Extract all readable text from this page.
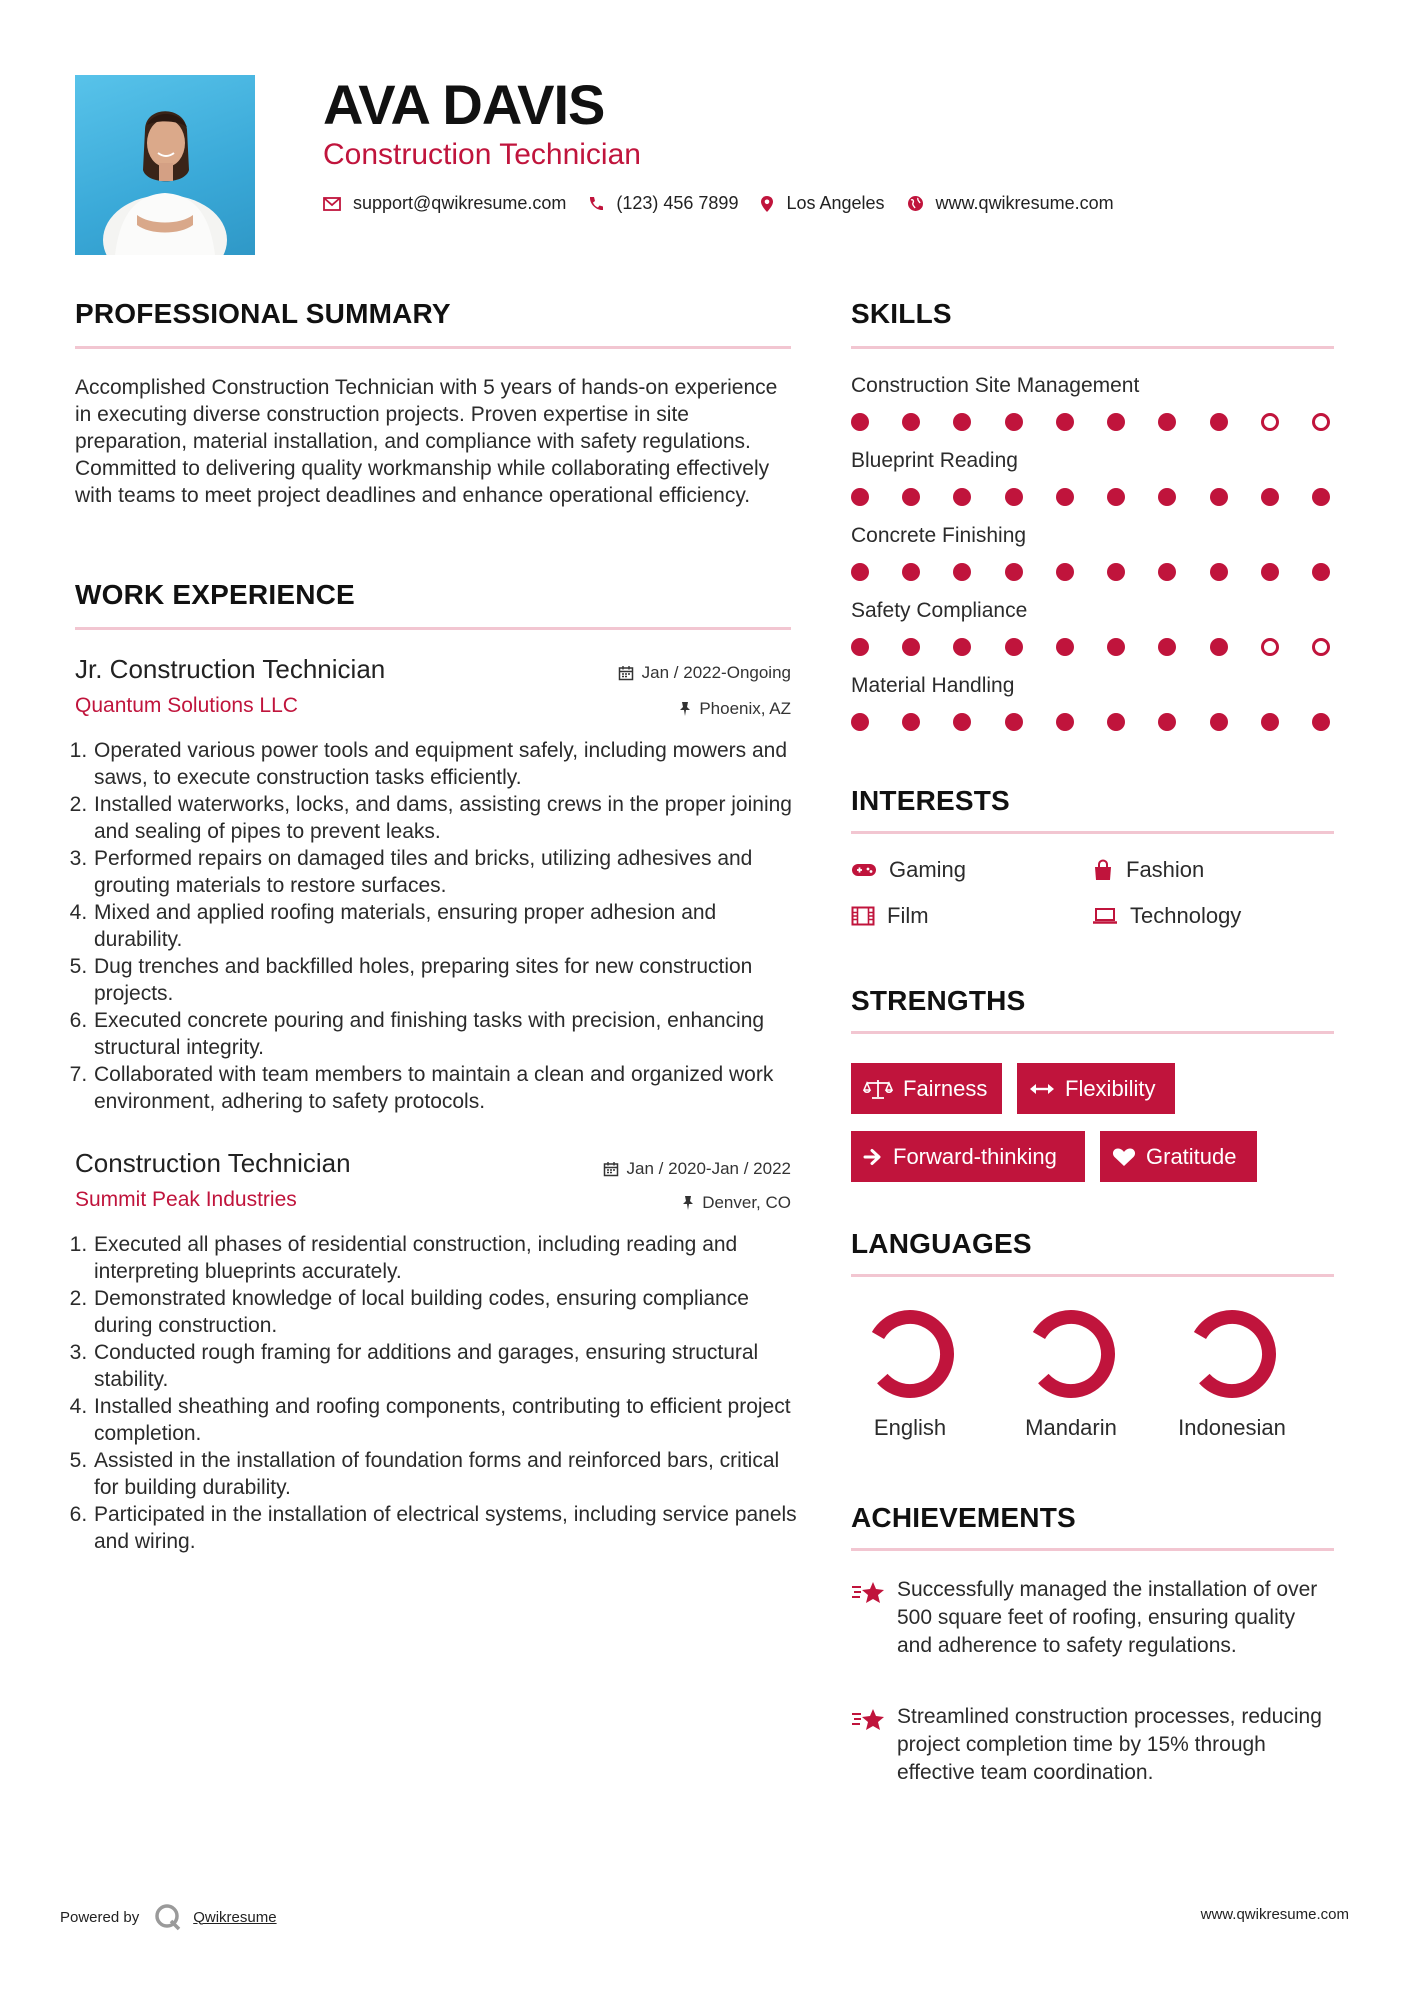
AVA DAVIS
Construction Technician
support@qwikresume.com	(123) 456 7899	Los Angeles	www.qwikresume.com
PROFESSIONAL SUMMARY
Accomplished Construction Technician with 5 years of hands-on experience in executing diverse construction projects. Proven expertise in site preparation, material installation, and compliance with safety regulations. Committed to delivering quality workmanship while collaborating effectively with teams to meet project deadlines and enhance operational efficiency.
WORK EXPERIENCE
Jr. Construction Technician	Jan / 2022-Ongoing
Quantum Solutions LLC	Phoenix, AZ
1. Operated various power tools and equipment safely, including mowers and saws, to execute construction tasks efficiently.
2. Installed waterworks, locks, and dams, assisting crews in the proper joining and sealing of pipes to prevent leaks.
3. Performed repairs on damaged tiles and bricks, utilizing adhesives and grouting materials to restore surfaces.
4. Mixed and applied roofing materials, ensuring proper adhesion and durability.
5. Dug trenches and backfilled holes, preparing sites for new construction projects.
6. Executed concrete pouring and finishing tasks with precision, enhancing structural integrity.
7. Collaborated with team members to maintain a clean and organized work environment, adhering to safety protocols.
Construction Technician	Jan / 2020-Jan / 2022
Summit Peak Industries	Denver, CO
1. Executed all phases of residential construction, including reading and interpreting blueprints accurately.
2. Demonstrated knowledge of local building codes, ensuring compliance during construction.
3. Conducted rough framing for additions and garages, ensuring structural stability.
4. Installed sheathing and roofing components, contributing to efficient project completion.
5. Assisted in the installation of foundation forms and reinforced bars, critical for building durability.
6. Participated in the installation of electrical systems, including service panels and wiring.
SKILLS
Construction Site Management
Blueprint Reading
Concrete Finishing
Safety Compliance
Material Handling
INTERESTS
Gaming	Fashion
Film	Technology
STRENGTHS
Fairness	Flexibility
Forward-thinking	Gratitude
LANGUAGES
English	Mandarin	Indonesian
ACHIEVEMENTS
Successfully managed the installation of over 500 square feet of roofing, ensuring quality and adherence to safety regulations.
Streamlined construction processes, reducing project completion time by 15% through effective team coordination.
Powered by	Qwikresume	www.qwikresume.com
